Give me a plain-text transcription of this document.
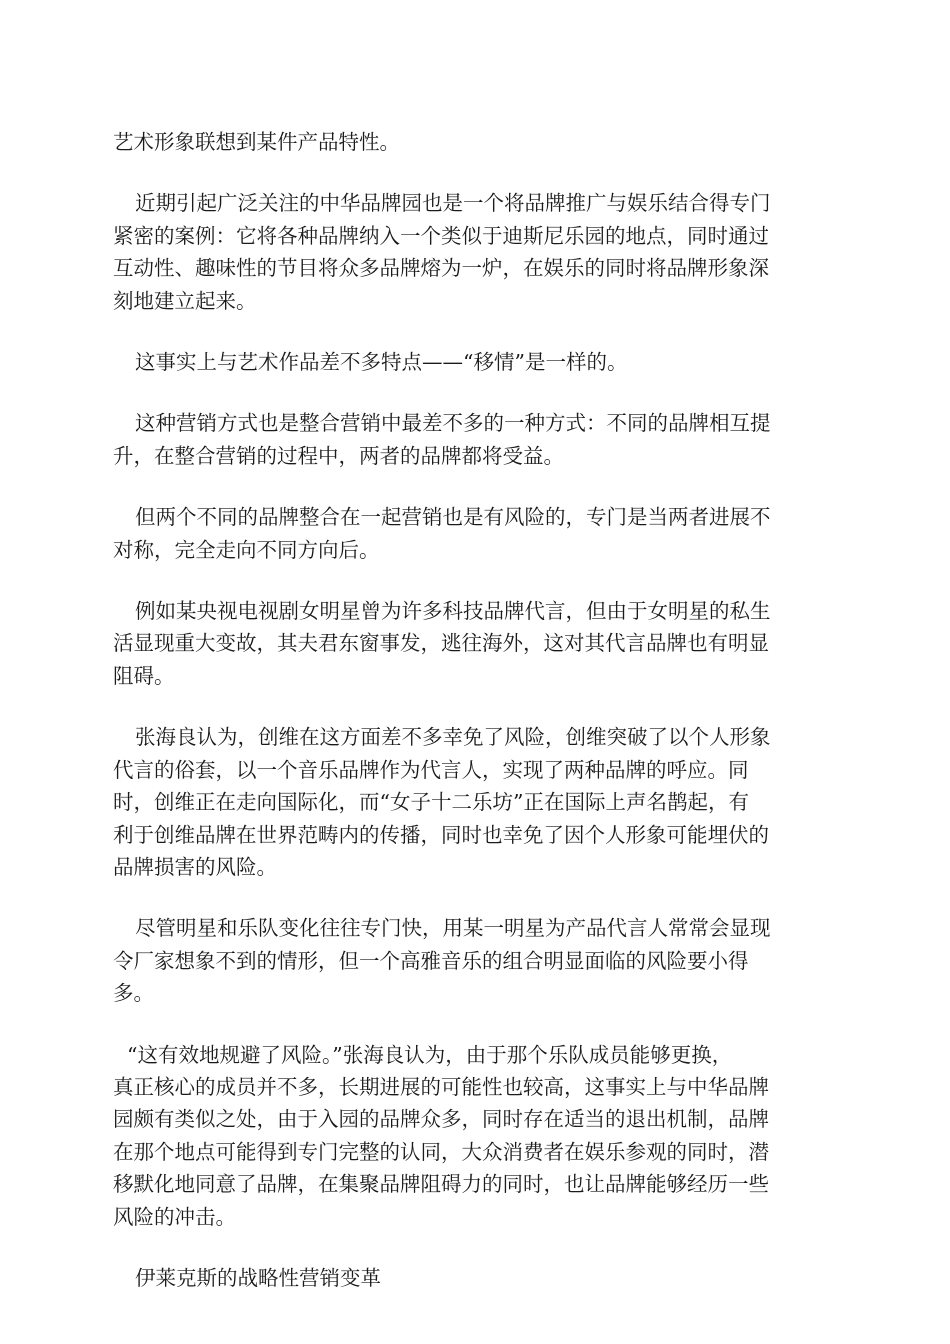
艺术形象联想到某件产品特性。

近期引起广泛关注的中华品牌园也是一个将品牌推广与娱乐结合得专门
紧密的案例：它将各种品牌纳入一个类似于迪斯尼乐园的地点，同时通过
互动性、趣味性的节目将众多品牌熔为一炉，在娱乐的同时将品牌形象深
刻地建立起来。

这事实上与艺术作品差不多特点——“移情”是一样的。

这种营销方式也是整合营销中最差不多的一种方式：不同的品牌相互提
升，在整合营销的过程中，两者的品牌都将受益。

但两个不同的品牌整合在一起营销也是有风险的，专门是当两者进展不
对称，完全走向不同方向后。

例如某央视电视剧女明星曾为许多科技品牌代言，但由于女明星的私生
活显现重大变故，其夫君东窗事发，逃往海外，这对其代言品牌也有明显
阻碍。

张海良认为，创维在这方面差不多幸免了风险，创维突破了以个人形象
代言的俗套，以一个音乐品牌作为代言人，实现了两种品牌的呼应。同
时，创维正在走向国际化，而“女子十二乐坊”正在国际上声名鹊起，有
利于创维品牌在世界范畴内的传播，同时也幸免了因个人形象可能埋伏的
品牌损害的风险。

尽管明星和乐队变化往往专门快，用某一明星为产品代言人常常会显现
令厂家想象不到的情形，但一个高雅音乐的组合明显面临的风险要小得
多。

“这有效地规避了风险。”张海良认为，由于那个乐队成员能够更换，
真正核心的成员并不多，长期进展的可能性也较高，这事实上与中华品牌
园颇有类似之处，由于入园的品牌众多，同时存在适当的退出机制，品牌
在那个地点可能得到专门完整的认同，大众消费者在娱乐参观的同时，潜
移默化地同意了品牌，在集聚品牌阻碍力的同时，也让品牌能够经历一些
风险的冲击。

伊莱克斯的战略性营销变革
